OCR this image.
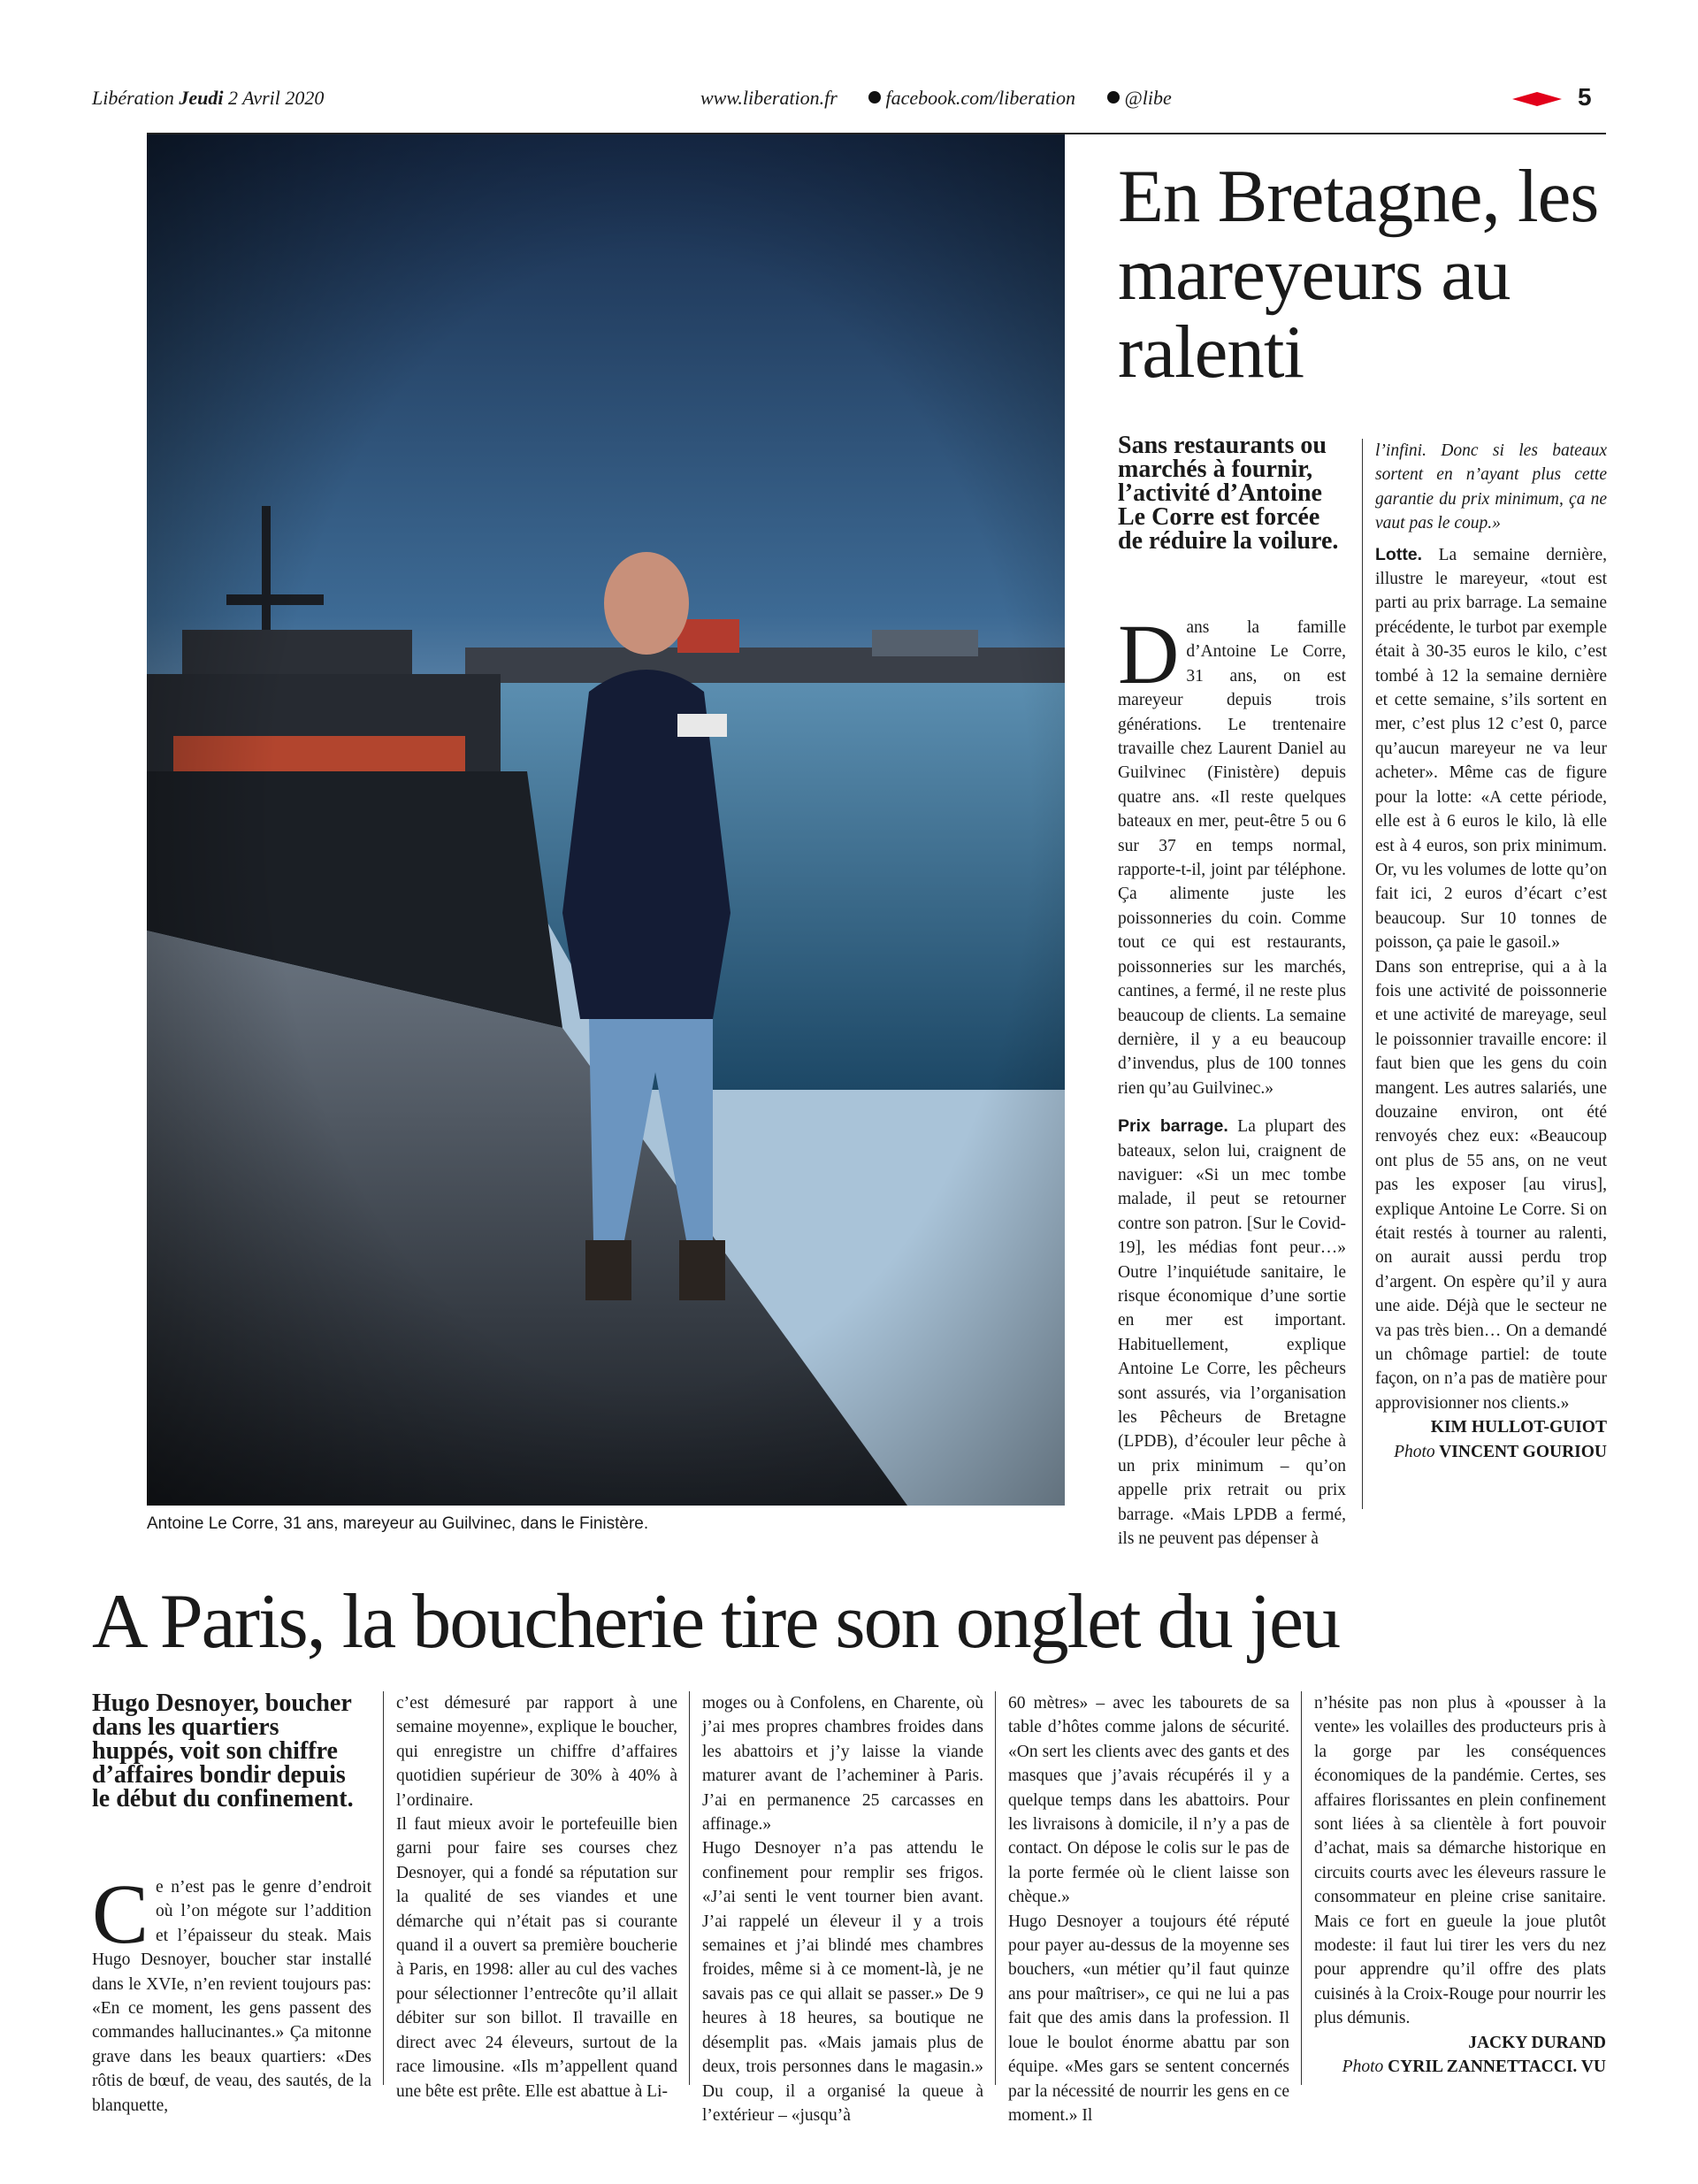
Libération Jeudi 2 Avril 2020	www.liberation.fr	facebook.com/liberation	@libe	5
Antoine Le Corre, 31 ans, mareyeur au Guilvinec, dans le Finistère.
En Bretagne, les mareyeurs au ralenti

Sans restaurants ou marchés à fournir, l’activité d’Antoine Le Corre est forcée de réduire la voilure.

Dans la famille d’Antoine Le Corre, 31 ans, on est mareyeur depuis trois générations. Le trentenaire travaille chez Laurent Daniel au Guilvinec (Finistère) depuis quatre ans. «Il reste quelques bateaux en mer, peut-être 5 ou 6 sur 37 en temps normal, rapporte-t-il, joint par téléphone. Ça alimente juste les poissonneries du coin. Comme tout ce qui est restaurants, poissonneries sur les marchés, cantines, a fermé, il ne reste plus beaucoup de clients. La semaine dernière, il y a eu beaucoup d’invendus, plus de 100 tonnes rien qu’au Guilvinec.»

Prix barrage. La plupart des bateaux, selon lui, craignent de naviguer: «Si un mec tombe malade, il peut se retourner contre son patron. [Sur le Covid-19], les médias font peur…» Outre l’inquiétude sanitaire, le risque économique d’une sortie en mer est important. Habituellement, explique Antoine Le Corre, les pêcheurs sont assurés, via l’organisation les Pêcheurs de Bretagne (LPDB), d’écouler leur pêche à un prix minimum – qu’on appelle prix retrait ou prix barrage. «Mais LPDB a fermé, ils ne peuvent pas dépenser à

l’infini. Donc si les bateaux sortent en n’ayant plus cette garantie du prix minimum, ça ne vaut pas le coup.»

Lotte. La semaine dernière, illustre le mareyeur, «tout est parti au prix barrage. La semaine précédente, le turbot par exemple était à 30-35 euros le kilo, c’est tombé à 12 la semaine dernière et cette semaine, s’ils sortent en mer, c’est plus 12 c’est 0, parce qu’aucun mareyeur ne va leur acheter». Même cas de figure pour la lotte: «A cette période, elle est à 6 euros le kilo, là elle est à 4 euros, son prix minimum. Or, vu les volumes de lotte qu’on fait ici, 2 euros d’écart c’est beaucoup. Sur 10 tonnes de poisson, ça paie le gasoil.»

Dans son entreprise, qui a à la fois une activité de poissonnerie et une activité de mareyage, seul le poissonnier travaille encore: il faut bien que les gens du coin mangent. Les autres salariés, une douzaine environ, ont été renvoyés chez eux: «Beaucoup ont plus de 55 ans, on ne veut pas les exposer [au virus], explique Antoine Le Corre. Si on était restés à tourner au ralenti, on aurait aussi perdu trop d’argent. On espère qu’il y aura une aide. Déjà que le secteur ne va pas très bien… On a demandé un chômage partiel: de toute façon, on n’a pas de matière pour approvisionner nos clients.»

KIM HULLOT-GUIOT
Photo VINCENT GOURIOU
A Paris, la boucherie tire son onglet du jeu

Hugo Desnoyer, boucher dans les quartiers huppés, voit son chiffre d’affaires bondir depuis le début du confinement.

Ce n’est pas le genre d’endroit où l’on mégote sur l’addition et l’épaisseur du steak. Mais Hugo Desnoyer, boucher star installé dans le XVIe, n’en revient toujours pas: «En ce moment, les gens passent des commandes hallucinantes.» Ça mitonne grave dans les beaux quartiers: «Des rôtis de bœuf, de veau, des sautés, de la blanquette,

c’est démesuré par rapport à une semaine moyenne», explique le boucher, qui enregistre un chiffre d’affaires quotidien supérieur de 30% à 40% à l’ordinaire.

Il faut mieux avoir le portefeuille bien garni pour faire ses courses chez Desnoyer, qui a fondé sa réputation sur la qualité de ses viandes et une démarche qui n’était pas si courante quand il a ouvert sa première boucherie à Paris, en 1998: aller au cul des vaches pour sélectionner l’entrecôte qu’il allait débiter sur son billot. Il travaille en direct avec 24 éleveurs, surtout de la race limousine. «Ils m’appellent quand une bête est prête. Elle est abattue à Li-

moges ou à Confolens, en Charente, où j’ai mes propres chambres froides dans les abattoirs et j’y laisse la viande maturer avant de l’acheminer à Paris. J’ai en permanence 25 carcasses en affinage.»

Hugo Desnoyer n’a pas attendu le confinement pour remplir ses frigos. «J’ai senti le vent tourner bien avant. J’ai rappelé un éleveur il y a trois semaines et j’ai blindé mes chambres froides, même si à ce moment-là, je ne savais pas ce qui allait se passer.» De 9 heures à 18 heures, sa boutique ne désemplit pas. «Mais jamais plus de deux, trois personnes dans le magasin.» Du coup, il a organisé la queue à l’extérieur – «jusqu’à

60 mètres» – avec les tabourets de sa table d’hôtes comme jalons de sécurité. «On sert les clients avec des gants et des masques que j’avais récupérés il y a quelque temps dans les abattoirs. Pour les livraisons à domicile, il n’y a pas de contact. On dépose le colis sur le pas de la porte fermée où le client laisse son chèque.»

Hugo Desnoyer a toujours été réputé pour payer au-dessus de la moyenne ses bouchers, «un métier qu’il faut quinze ans pour maîtriser», ce qui ne lui a pas fait que des amis dans la profession. Il loue le boulot énorme abattu par son équipe. «Mes gars se sentent concernés par la nécessité de nourrir les gens en ce moment.» Il

n’hésite pas non plus à «pousser à la vente» les volailles des producteurs pris à la gorge par les conséquences économiques de la pandémie. Certes, ses affaires florissantes en plein confinement sont liées à sa clientèle à fort pouvoir d’achat, mais sa démarche historique en circuits courts avec les éleveurs rassure le consommateur en pleine crise sanitaire. Mais ce fort en gueule la joue plutôt modeste: il faut lui tirer les vers du nez pour apprendre qu’il offre des plats cuisinés à la Croix-Rouge pour nourrir les plus démunis.

JACKY DURAND
Photo CYRIL ZANNETTACCI. VU
